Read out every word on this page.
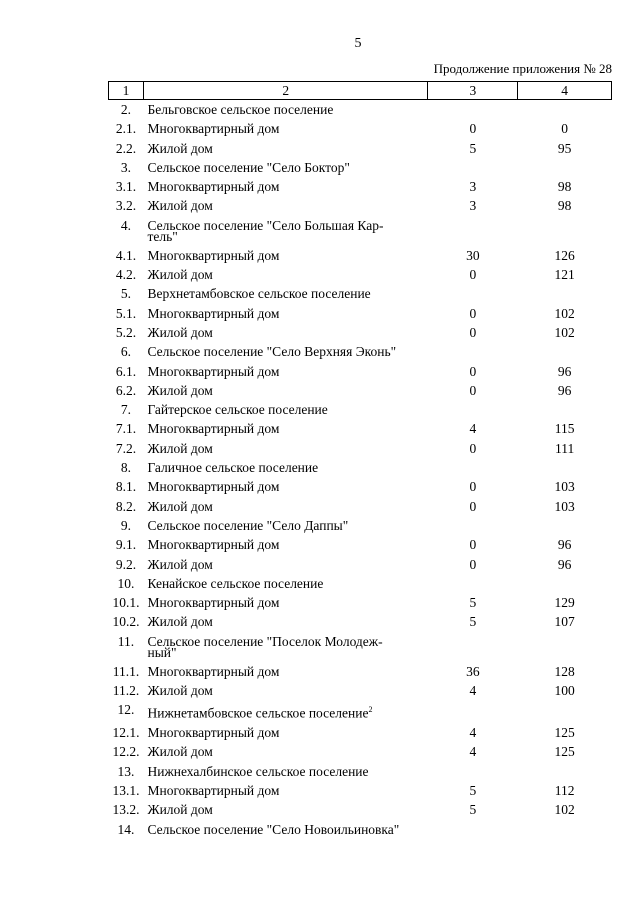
5
Продолжение приложения № 28
1	2	3	4
2.	Бельговское сельское поселение		
2.1.	Многоквартирный дом	0	0
2.2.	Жилой дом	5	95
3.	Сельское поселение "Село Боктор"		
3.1.	Многоквартирный дом	3	98
3.2.	Жилой дом	3	98
4.	Сельское поселение "Село Большая Кар-
тель"		
4.1.	Многоквартирный дом	30	126
4.2.	Жилой дом	0	121
5.	Верхнетамбовское сельское поселение		
5.1.	Многоквартирный дом	0	102
5.2.	Жилой дом	0	102
6.	Сельское поселение "Село Верхняя Эконь"		
6.1.	Многоквартирный дом	0	96
6.2.	Жилой дом	0	96
7.	Гайтерское сельское поселение		
7.1.	Многоквартирный дом	4	115
7.2.	Жилой дом	0	111
8.	Галичное сельское поселение		
8.1.	Многоквартирный дом	0	103
8.2.	Жилой дом	0	103
9.	Сельское поселение "Село Даппы"		
9.1.	Многоквартирный дом	0	96
9.2.	Жилой дом	0	96
10.	Кенайское сельское поселение		
10.1.	Многоквартирный дом	5	129
10.2.	Жилой дом	5	107
11.	Сельское поселение "Поселок Молодеж-
ный"		
11.1.	Многоквартирный дом	36	128
11.2.	Жилой дом	4	100
12.	Нижнетамбовское сельское поселение$^2$		
12.1.	Многоквартирный дом	4	125
12.2.	Жилой дом	4	125
13.	Нижнехалбинское сельское поселение		
13.1.	Многоквартирный дом	5	112
13.2.	Жилой дом	5	102
14.	Сельское поселение "Село Новоильиновка"		
